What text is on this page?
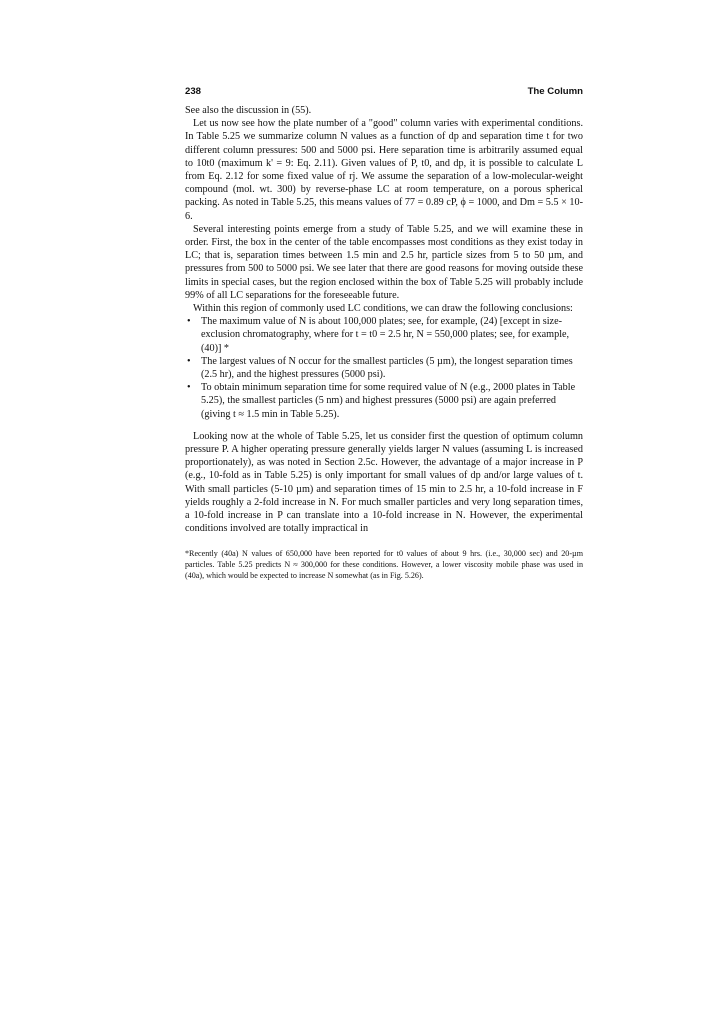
238	The Column

See also the discussion in (55).

Let us now see how the plate number of a "good" column varies with experimental conditions. In Table 5.25 we summarize column N values as a function of dp and separation time t for two different column pressures: 500 and 5000 psi. Here separation time is arbitrarily assumed equal to 10t0 (maximum k' = 9: Eq. 2.11). Given values of P, t0, and dp, it is possible to calculate L from Eq. 2.12 for some fixed value of rj. We assume the separation of a low-molecular-weight compound (mol. wt. 300) by reverse-phase LC at room temperature, on a porous spherical packing. As noted in Table 5.25, this means values of 77 = 0.89 cP, ϕ = 1000, and Dm = 5.5 × 10-6.

Several interesting points emerge from a study of Table 5.25, and we will examine these in order. First, the box in the center of the table encompasses most conditions as they exist today in LC; that is, separation times between 1.5 min and 2.5 hr, particle sizes from 5 to 50 µm, and pressures from 500 to 5000 psi. We see later that there are good reasons for moving outside these limits in special cases, but the region enclosed within the box of Table 5.25 will probably include 99% of all LC separations for the foreseeable future.

Within this region of commonly used LC conditions, we can draw the following conclusions:

• The maximum value of N is about 100,000 plates; see, for example, (24) [except in size-exclusion chromatography, where for t = t0 = 2.5 hr, N = 550,000 plates; see, for example, (40)] *
• The largest values of N occur for the smallest particles (5 µm), the longest separation times (2.5 hr), and the highest pressures (5000 psi).
• To obtain minimum separation time for some required value of N (e.g., 2000 plates in Table 5.25), the smallest particles (5 nm) and highest pressures (5000 psi) are again preferred (giving t ≈ 1.5 min in Table 5.25).

Looking now at the whole of Table 5.25, let us consider first the question of optimum column pressure P. A higher operating pressure generally yields larger N values (assuming L is increased proportionately), as was noted in Section 2.5c. However, the advantage of a major increase in P (e.g., 10-fold as in Table 5.25) is only important for small values of dp and/or large values of t. With small particles (5-10 µm) and separation times of 15 min to 2.5 hr, a 10-fold increase in F yields roughly a 2-fold increase in N. For much smaller particles and very long separation times, a 10-fold increase in P can translate into a 10-fold increase in N. However, the experimental conditions involved are totally impractical in

*Recently (40a) N values of 650,000 have been reported for t0 values of about 9 hrs. (i.e., 30,000 sec) and 20-µm particles. Table 5.25 predicts N ≈ 300,000 for these conditions. However, a lower viscosity mobile phase was used in (40a), which would be expected to increase N somewhat (as in Fig. 5.26).
